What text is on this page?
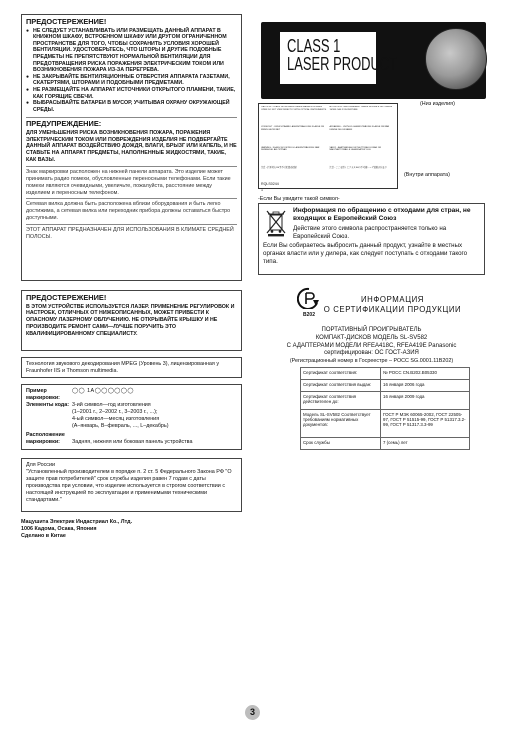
ПРЕДОСТЕРЕЖЕНИЕ!
● НЕ СЛЕДУЕТ УСТАНАВЛИВАТЬ ИЛИ РАЗМЕЩАТЬ ДАННЫЙ АППАРАТ В КНИЖНОМ ШКАФУ, ВСТРОЕННОМ ШКАФУ ИЛИ ДРУГОМ ОГРАНИЧЕННОМ ПРОСТРАНСТВЕ ДЛЯ ТОГО, ЧТОБЫ СОХРАНИТЬ УСЛОВИЯ ХОРОШЕЙ ВЕНТИЛЯЦИИ. УДОСТОВЕРЬТЕСЬ, ЧТО ШТОРЫ И ДРУГИЕ ПОДОБНЫЕ ПРЕДМЕТЫ НЕ ПРЕПЯТСТВУЮТ НОРМАЛЬНОЙ ВЕНТИЛЯЦИИ ДЛЯ ПРЕДОТВРАЩЕНИЯ РИСКА ПОРАЖЕНИЯ ЭЛЕКТРИЧЕСКИМ ТОКОМ ИЛИ ВОЗНИКНОВЕНИЯ ПОЖАРА ИЗ-ЗА ПЕРЕГРЕВА.
● НЕ ЗАКРЫВАЙТЕ ВЕНТИЛЯЦИОННЫЕ ОТВЕРСТИЯ АППАРАТА ГАЗЕТАМИ, СКАТЕРТЯМИ, ШТОРАМИ И ПОДОБНЫМИ ПРЕДМЕТАМИ.
● НЕ РАЗМЕЩАЙТЕ НА АППАРАТ ИСТОЧНИКИ ОТКРЫТОГО ПЛАМЕНИ, ТАКИЕ, КАК ГОРЯЩИЕ СВЕЧИ.
● ВЫБРАСЫВАЙТЕ БАТАРЕИ В МУСОР, УЧИТЫВАЯ ОХРАНУ ОКРУЖАЮЩЕЙ СРЕДЫ.
ПРЕДУПРЕЖДЕНИЕ:
ДЛЯ УМЕНЬШЕНИЯ РИСКА ВОЗНИКНОВЕНИЯ ПОЖАРА, ПОРАЖЕНИЯ ЭЛЕКТРИЧЕСКИМ ТОКОМ ИЛИ ПОВРЕЖДЕНИЯ ИЗДЕЛИЯ НЕ ПОДВЕРГАЙТЕ ДАННЫЙ АППАРАТ ВОЗДЕЙСТВИЮ ДОЖДЯ, ВЛАГИ, БРЫЗГ ИЛИ КАПЕЛЬ, И НЕ СТАВЬТЕ НА АППАРАТ ПРЕДМЕТЫ, НАПОЛНЕННЫЕ ЖИДКОСТЯМИ, ТАКИЕ, КАК ВАЗЫ.
Знак маркировки расположен на нижней панели аппарата. Это изделие может принимать радио помехи, обусловленные переносными телефонами. Если такие помехи являются очевидными, увеличьте, пожалуйста, расстояние между изделием и переносным телефоном.
Сетевая вилка должна быть расположена вблизи оборудования и быть легко достижима, а сетевая вилка или переходник прибора должны оставаться быстро доступными.
ЭТОТ АППАРАТ ПРЕДНАЗНАЧЕН ДЛЯ ИСПОЛЬЗОВАНИЯ В КЛИМАТЕ СРЕДНЕЙ ПОЛОСЫ.
ПРЕДОСТЕРЕЖЕНИЕ!
В ЭТОМ УСТРОЙСТВЕ ИСПОЛЬЗУЕТСЯ ЛАЗЕР. ПРИМЕНЕНИЕ РЕГУЛИРОВОК И НАСТРОЕК, ОТЛИЧНЫХ ОТ НИЖЕОПИСАННЫХ, МОЖЕТ ПРИВЕСТИ К ОПАСНОМУ ЛАЗЕРНОМУ ОБЛУЧЕНИЮ. НЕ ОТКРЫВАЙТЕ КРЫШКУ И НЕ ПРОИЗВОДИТЕ РЕМОНТ САМИ—ЛУЧШЕ ПОРУЧИТЬ ЭТО КВАЛИФИЦИРОВАННОМУ СПЕЦИАЛИСТУ.
Технология звукового декодирования MPEG (Уровень 3), лицензированная у Fraunhofer IIS и Thomson multimedia.
Пример маркировки:
◯◯ 1A◯◯◯◯◯◯
Элементы кода: 3-ий символ—год изготовления
(1–2001 г., 2–2002 г., 3–2003 г., ...);
4-ый символ—месяц изготовления
(A–январь, B–февраль, ..., L–декабрь)
Расположение маркировки:	Задняя, нижняя или боковая панель устройства
Для России
"Установленный производителем в порядке п. 2 ст. 5 Федерального Закона РФ "О защите прав потребителей" срок службы изделия равен 7 годам с даты производства при условии, что изделие используется в строгом соответствии с настоящей инструкцией по эксплуатации и применимыми техническими стандартами."
Мацушита Электрик Индастриал Ко., Лтд.
1006 Кадома, Осака, Япония
Сделано в Китае
CLASS 1
LASER PRODUCT
(Низ изделия)
CAUTION - CLASS 1M INVISIBLE LASER RADIATION WHEN OPEN DO NOT VIEW DIRECTLY WITH OPTICAL INSTRUMENTS
ATTENTION - RAYONNEMENT LASER INVISIBLE DE CLASSE 1M EN CAS D'OUVERTURE
VORSICHT - UNSICHTBARE LASERSTRAHLUNG KLASSE 1M WENN GEÖFFNET
ADVARSEL - USYNLIG LASERSTRÅLING KLASSE 1M NÅR DENNE DEL ER ÅBEN
VARNING - KLASS 1M OSYNLIG LASERSTRÅLNING NÄR DENNA DEL ÄR ÖPPNAD
VARO! - AVATTAESSA OLET ALTTIINA LUOKAN 1M NÄKYMÄTTÖMÄLLE LASERSÄTEILYLLE
注意 - 打开时有1M类不可见激光辐射	注意 - ここを開くとクラス1Mの不可視レーザ放射が出ます
RQLS0244
1
(Внутри аппарата)
-Если Вы увидите такой символ-
Информация по обращению с отходами для стран, не входящих в Европейский Союз
Действие этого символа распространяется только на Европейский Союз.
Если Вы собираетесь выбросить данный продукт, узнайте в местных органах власти или у дилера, как следует поступать с отходами такого типа.
В202
ИНФОРМАЦИЯ
О СЕРТИФИКАЦИИ ПРОДУКЦИИ
ПОРТАТИВНЫЙ ПРОИГРЫВАТЕЛЬ
КОМПАКТ-ДИСКОВ МОДЕЛЬ SL-SV582
С АДАПТЕРАМИ МОДЕЛИ RFEA418C, RFEA419E Panasonic
сертифицирован: ОС ГОСТ-АЗИЯ
(Регистрационный номер в Госреестре – РОСС SG.0001.11В202)
Сертификат соответствия:	№ РОСС CN.В202.В05330
Сертификат соответствия выдан:	16 января 2006 года
Сертификат соответствия действителен до:	16 января 2009 года
Модель SL-SV582 Соответствует требованиям нормативных документов:	ГОСТ Р МЭК 60065-2002, ГОСТ 22505-97, ГОСТ Р 51515-99, ГОСТ Р 51317.3.2-99, ГОСТ Р 51317.3.3-99
Срок службы	7 (семь) лет
3
